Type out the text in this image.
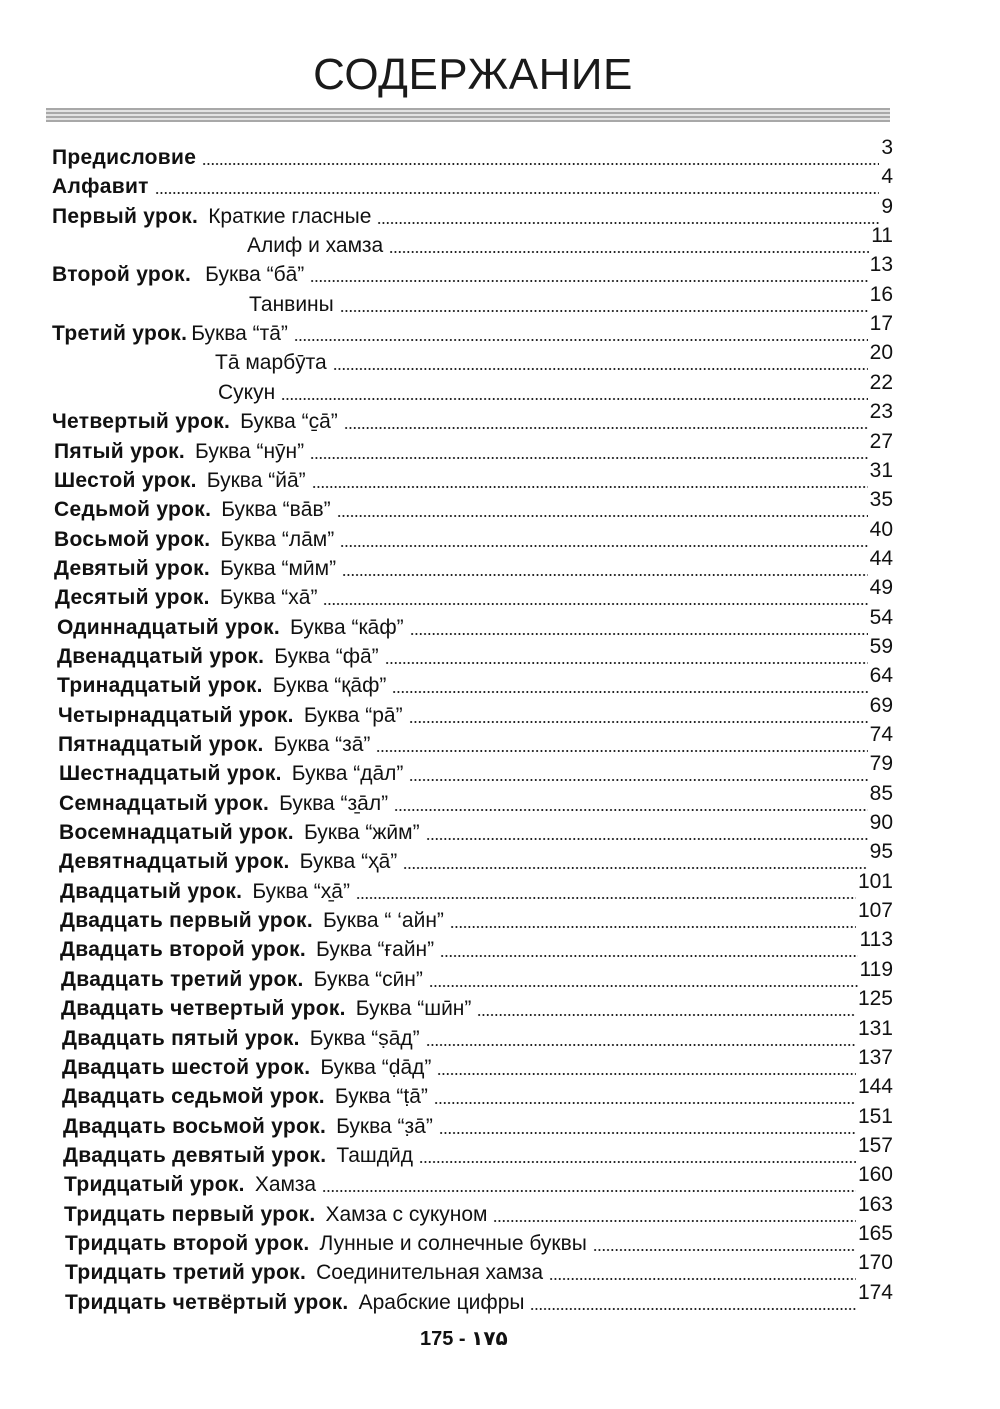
СОДЕРЖАНИЕ
Предисловие	3
Алфавит	4
Первый урок. Краткие гласные	9
Алиф и хамза	11
Второй урок. Буква “бā”	13
Танвины	16
Третий урок. Буква “тā”	17
Тā марбӯта	20
Сукун	22
Четвертый урок. Буква “c̱ā”	23
Пятый урок. Буква “нӯн”	27
Шестой урок. Буква “йā”	31
Седьмой урок. Буква “вāв”	35
Восьмой урок. Буква “лāм”	40
Девятый урок. Буква “мӣм”	44
Десятый урок. Буква “хā”	49
Одиннадцатый урок. Буква “кāф”	54
Двенадцатый урок. Буква “фā”	59
Тринадцатый урок. Буква “қāф”	64
Четырнадцатый урок. Буква “рā”	69
Пятнадцатый урок. Буква “зā”	74
Шестнадцатый урок. Буква “дāл”	79
Семнадцатый урок. Буква “з̱āл”	85
Восемнадцатый урок. Буква “жӣм”	90
Девятнадцатый урок. Буква “ҳā”	95
Двадцатый урок. Буква “х̱ā”	101
Двадцать первый урок. Буква “ ‘айн”	107
Двадцать второй урок. Буква “ғайн”	113
Двадцать третий урок. Буква “сӣн”	119
Двадцать четвертый урок. Буква “шӣн”	125
Двадцать пятый урок. Буква “ṣāд”	131
Двадцать шестой урок. Буква “ḍāд”	137
Двадцать седьмой урок. Буква “ṭā”	144
Двадцать восьмой урок. Буква “з̣ā”	151
Двадцать девятый урок. Ташдӣд	157
Тридцатый урок. Хамза	160
Тридцать первый урок. Хамза с сукуном	163
Тридцать второй урок. Лунные и солнечные буквы	165
Тридцать третий урок. Соединительная хамза	170
Тридцать четвёртый урок. Арабские цифры	174
175 - ۱۷۵
